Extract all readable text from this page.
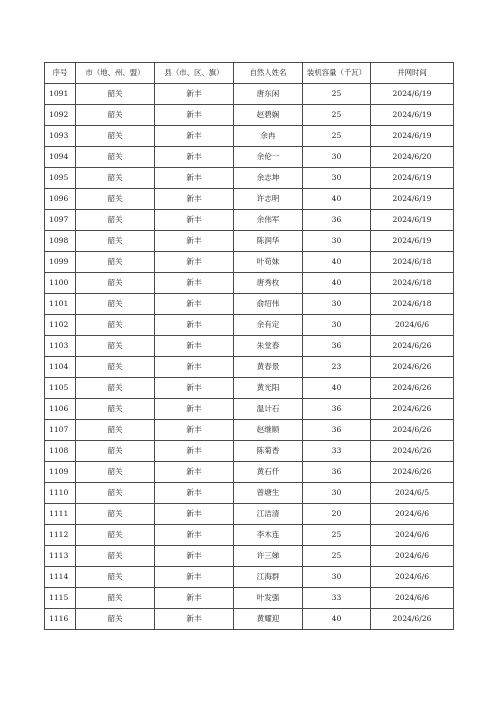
序号	市（地、州、盟）	县（市、区、旗）	自然人姓名	装机容量（千瓦）	并网时间
1091	韶关	新丰	唐东闲	25	2024/6/19
1092	韶关	新丰	赵碧娴	25	2024/6/19
1093	韶关	新丰	余冉	25	2024/6/19
1094	韶关	新丰	余伦一	30	2024/6/20
1095	韶关	新丰	余志坤	30	2024/6/19
1096	韶关	新丰	许志明	40	2024/6/19
1097	韶关	新丰	余伟军	36	2024/6/19
1098	韶关	新丰	陈润华	30	2024/6/19
1099	韶关	新丰	叶苟妹	40	2024/6/18
1100	韶关	新丰	唐秀枚	40	2024/6/18
1101	韶关	新丰	俞绍伟	30	2024/6/18
1102	韶关	新丰	余有定	30	2024/6/6
1103	韶关	新丰	朱堂春	36	2024/6/26
1104	韶关	新丰	黄春景	23	2024/6/26
1105	韶关	新丰	黄光阳	40	2024/6/26
1106	韶关	新丰	温计石	36	2024/6/26
1107	韶关	新丰	赵继顺	36	2024/6/26
1108	韶关	新丰	陈菊香	33	2024/6/26
1109	韶关	新丰	黄石仟	36	2024/6/26
1110	韶关	新丰	曾塘生	30	2024/6/5
1111	韶关	新丰	江洁清	20	2024/6/6
1112	韶关	新丰	李木连	25	2024/6/6
1113	韶关	新丰	许三娣	25	2024/6/6
1114	韶关	新丰	江海群	30	2024/6/6
1115	韶关	新丰	叶发强	33	2024/6/6
1116	韶关	新丰	黄耀迎	40	2024/6/26
